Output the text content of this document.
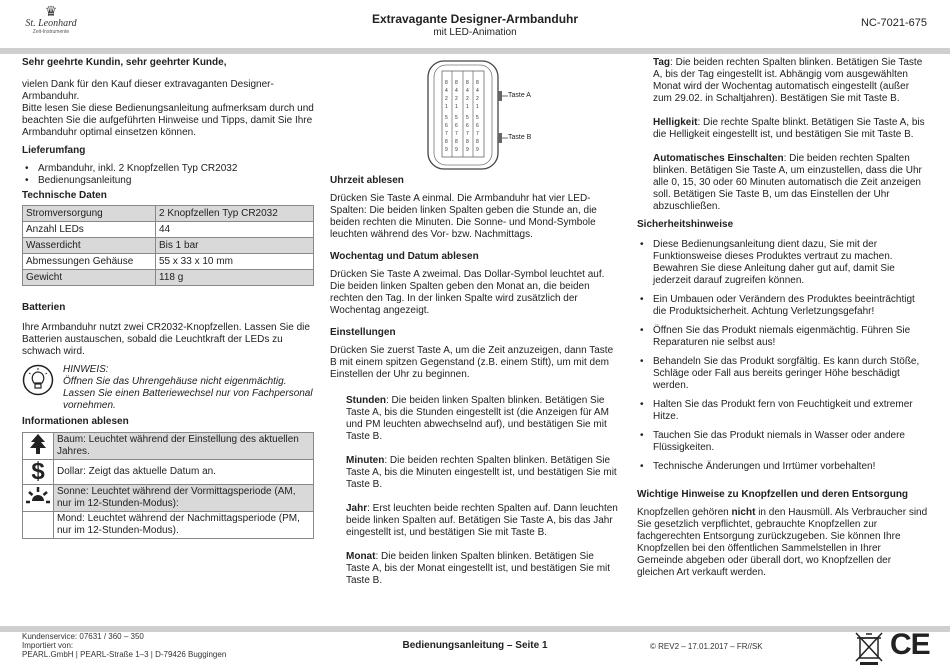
♛
St. Leonhard
Zeit-Instrumente
Extravagante Designer-Armbanduhr
mit LED-Animation
NC-7021-675

Sehr geehrte Kundin, sehr geehrter Kunde,

vielen Dank für den Kauf dieser extravaganten Designer-Armbanduhr.

Bitte lesen Sie diese Bedienungsanleitung aufmerksam durch und beachten Sie die aufgeführten Hinweise und Tipps, damit Sie Ihre Armbanduhr optimal einsetzen können.

Lieferumfang
• Armbanduhr, inkl. 2 Knopfzellen Typ CR2032
• Bedienungsanleitung
Technische Daten
Stromversorgung	2 Knopfzellen Typ CR2032
Anzahl LEDs	44
Wasserdicht	Bis 1 bar
Abmessungen Gehäuse	55 x 33 x 10 mm
Gewicht	118 g
Batterien

Ihre Armbanduhr nutzt zwei CR2032-Knopfzellen. Lassen Sie die Batterien austauschen, sobald die Leuchtkraft der LEDs zu schwach wird.

HINWEIS:
Öffnen Sie das Uhrengehäuse nicht eigenmächtig. Lassen Sie einen Batteriewechsel nur von Fachpersonal vornehmen.
Informationen ablesen
	Baum: Leuchtet während der Einstellung des aktuellen Jahres.
$	Dollar: Zeigt das aktuelle Datum an.
	Sonne: Leuchtet während der Vormittagsperiode (AM, nur im 12-Stunden-Modus):
	Mond: Leuchtet während der Nachmittagsperiode (PM, nur im 12-Stunden-Modus).
8
4
2
1
8
4
2
1
8
4
2
1
8
4
2
1
5
6
7
8
9
5
6
7
8
9
5
6
7
8
9
5
6
7
8
9
Taste A
Taste B
Uhrzeit ablesen

Drücken Sie Taste A einmal. Die Armbanduhr hat vier LED-Spalten: Die beiden linken Spalten geben die Stunde an, die beiden rechten die Minuten. Die Sonne- und Mond-Symbole leuchten während des Vor- bzw. Nachmittags.

Wochentag und Datum ablesen

Drücken Sie Taste A zweimal. Das Dollar-Symbol leuchtet auf. Die beiden linken Spalten geben den Monat an, die beiden rechten den Tag. In der linken Spalte wird zusätzlich der Wochentag angezeigt.

Einstellungen

Drücken Sie zuerst Taste A, um die Zeit anzuzeigen, dann Taste B mit einem spitzen Gegenstand (z.B. einem Stift), um mit dem Einstellen der Uhr zu beginnen.

Stunden: Die beiden linken Spalten blinken. Betätigen Sie Taste A, bis die Stunden eingestellt ist (die Anzeigen für AM und PM leuchten abwechselnd auf), und bestätigen Sie mit Taste B.

Minuten: Die beiden rechten Spalten blinken. Betätigen Sie Taste A, bis die Minuten eingestellt ist, und bestätigen Sie mit Taste B.

Jahr: Erst leuchten beide rechten Spalten auf. Dann leuchten beide linken Spalten auf. Betätigen Sie Taste A, bis das Jahr eingestellt ist, und bestätigen Sie mit Taste B.

Monat: Die beiden linken Spalten blinken. Betätigen Sie Taste A, bis der Monat eingestellt ist, und bestätigen Sie mit Taste B.

Tag: Die beiden rechten Spalten blinken. Betätigen Sie Taste A, bis der Tag eingestellt ist. Abhängig vom ausgewählten Monat wird der Wochentag automatisch eingestellt (außer zum 29.02. in Schaltjahren). Bestätigen Sie mit Taste B.

Helligkeit: Die rechte Spalte blinkt. Betätigen Sie Taste A, bis die Helligkeit eingestellt ist, und bestätigen Sie mit Taste B.

Automatisches Einschalten: Die beiden rechten Spalten blinken. Betätigen Sie Taste A, um einzustellen, dass die Uhr alle 0, 15, 30 oder 60 Minuten automatisch die Zeit anzeigen soll. Betätigen Sie Taste B, um das Einstellen der Uhr abzuschließen.

Sicherheitshinweise
• Diese Bedienungsanleitung dient dazu, Sie mit der Funktionsweise dieses Produktes vertraut zu machen. Bewahren Sie diese Anleitung daher gut auf, damit Sie jederzeit darauf zugreifen können.
• Ein Umbauen oder Verändern des Produktes beeinträchtigt die Produktsicherheit. Achtung Verletzungsgefahr!
• Öffnen Sie das Produkt niemals eigenmächtig. Führen Sie Reparaturen nie selbst aus!
• Behandeln Sie das Produkt sorgfältig. Es kann durch Stöße, Schläge oder Fall aus bereits geringer Höhe beschädigt werden.
• Halten Sie das Produkt fern von Feuchtigkeit und extremer Hitze.
• Tauchen Sie das Produkt niemals in Wasser oder andere Flüssigkeiten.
• Technische Änderungen und Irrtümer vorbehalten!
Wichtige Hinweise zu Knopfzellen und deren Entsorgung

Knopfzellen gehören nicht in den Hausmüll. Als Verbraucher sind Sie gesetzlich verpflichtet, gebrauchte Knopfzellen zur fachgerechten Entsorgung zurückzugeben. Sie können Ihre Knopfzellen bei den öffentlichen Sammelstellen in Ihrer Gemeinde abgeben oder überall dort, wo Knopfzellen der gleichen Art verkauft werden.

Kundenservice: 07631 / 360 – 350
Importiert von:
PEARL.GmbH | PEARL-Straße 1–3 | D-79426 Buggingen
Bedienungsanleitung – Seite 1	© REV2 – 17.01.2017 – FR//SK	CE
